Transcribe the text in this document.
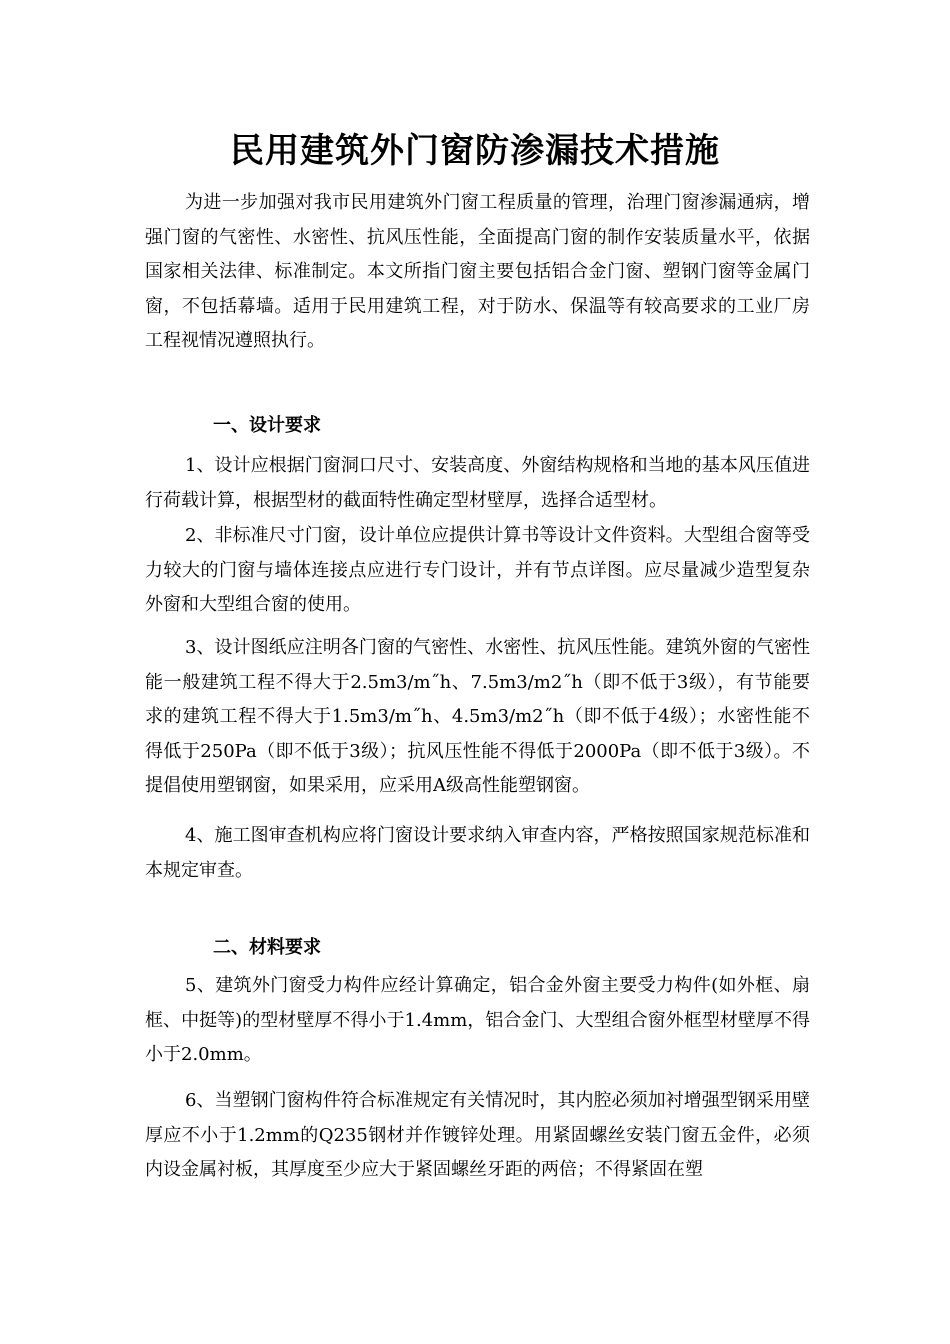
民用建筑外门窗防渗漏技术措施

为进一步加强对我市民用建筑外门窗工程质量的管理，治理门窗渗漏通病，增强门窗的气密性、水密性、抗风压性能，全面提高门窗的制作安装质量水平，依据国家相关法律、标准制定。本文所指门窗主要包括铝合金门窗、塑钢门窗等金属门窗，不包括幕墙。适用于民用建筑工程，对于防水、保温等有较高要求的工业厂房工程视情况遵照执行。

一、设计要求

1、设计应根据门窗洞口尺寸、安装高度、外窗结构规格和当地的基本风压值进行荷载计算，根据型材的截面特性确定型材壁厚，选择合适型材。

2、非标准尺寸门窗，设计单位应提供计算书等设计文件资料。大型组合窗等受力较大的门窗与墙体连接点应进行专门设计，并有节点详图。应尽量减少造型复杂外窗和大型组合窗的使用。

3、设计图纸应注明各门窗的气密性、水密性、抗风压性能。建筑外窗的气密性能一般建筑工程不得大于2.5m3/m˝h、7.5m3/m2˝h（即不低于3级），有节能要求的建筑工程不得大于1.5m3/m˝h、4.5m3/m2˝h（即不低于4级）；水密性能不得低于250Pa（即不低于3级）；抗风压性能不得低于2000Pa（即不低于3级）。不提倡使用塑钢窗，如果采用，应采用A级高性能塑钢窗。

4、施工图审查机构应将门窗设计要求纳入审查内容，严格按照国家规范标准和本规定审查。

二、材料要求

5、建筑外门窗受力构件应经计算确定，铝合金外窗主要受力构件(如外框、扇框、中挺等)的型材壁厚不得小于1.4mm，铝合金门、大型组合窗外框型材壁厚不得小于2.0mm。

6、当塑钢门窗构件符合标准规定有关情况时，其内腔必须加衬增强型钢采用壁厚应不小于1.2mm的Q235钢材并作镀锌处理。用紧固螺丝安装门窗五金件，必须内设金属衬板，其厚度至少应大于紧固螺丝牙距的两倍；不得紧固在塑
